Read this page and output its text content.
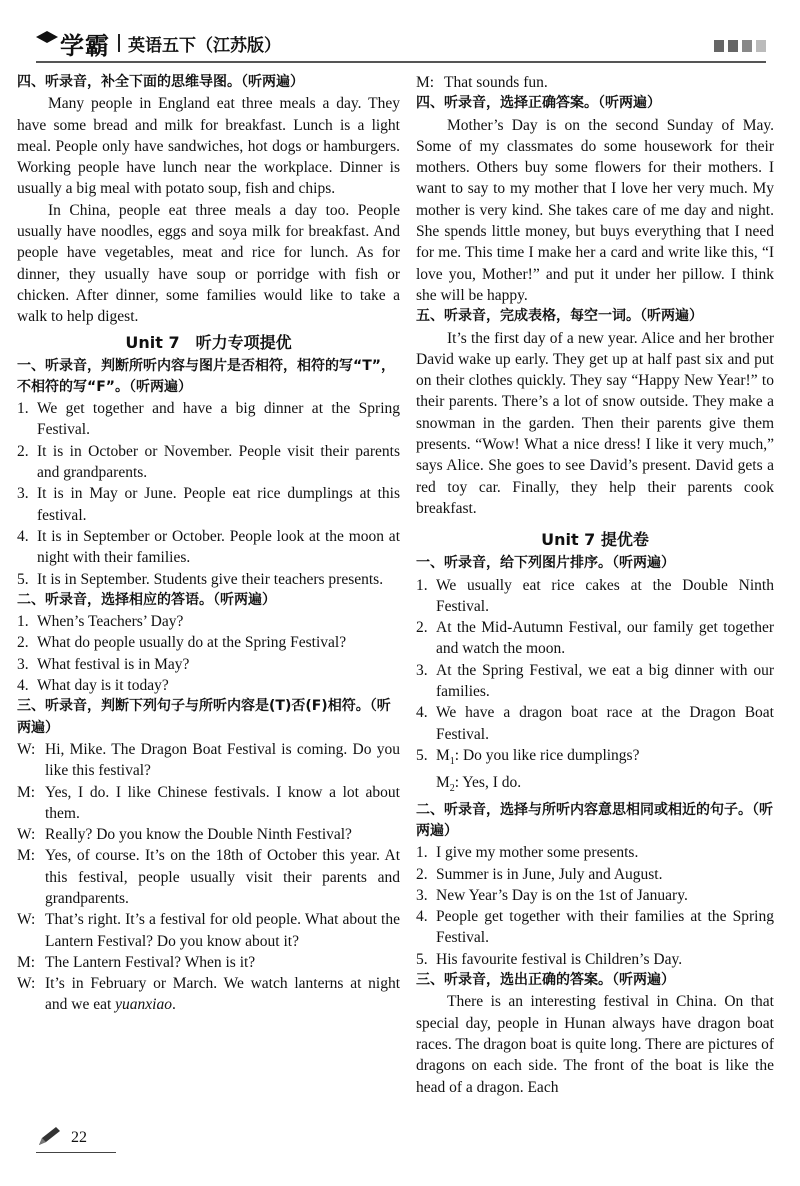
学霸 英语五下（江苏版）
四、听录音，补全下面的思维导图。（听两遍）
Many people in England eat three meals a day. They have some bread and milk for breakfast. Lunch is a light meal. People only have sandwiches, hot dogs or hamburgers. Working people have lunch near the workplace. Dinner is usually a big meal with potato soup, fish and chips.
In China, people eat three meals a day too. People usually have noodles, eggs and soya milk for breakfast. And people have vegetables, meat and rice for lunch. As for dinner, they usually have soup or porridge with fish or chicken. After dinner, some families would like to take a walk to help digest.
Unit 7　听力专项提优
一、听录音，判断所听内容与图片是否相符，相符的写“T”，不相符的写“F”。（听两遍）
1. We get together and have a big dinner at the Spring Festival.
2. It is in October or November. People visit their parents and grandparents.
3. It is in May or June. People eat rice dumplings at this festival.
4. It is in September or October. People look at the moon at night with their families.
5. It is in September. Students give their teachers presents.
二、听录音，选择相应的答语。（听两遍）
1. When’s Teachers’ Day?
2. What do people usually do at the Spring Festival?
3. What festival is in May?
4. What day is it today?
三、听录音，判断下列句子与所听内容是(T)否(F)相符。（听两遍）
W: Hi, Mike. The Dragon Boat Festival is coming. Do you like this festival?
M: Yes, I do. I like Chinese festivals. I know a lot about them.
W: Really? Do you know the Double Ninth Festival?
M: Yes, of course. It’s on the 18th of October this year. At this festival, people usually visit their parents and grandparents.
W: That’s right. It’s a festival for old people. What about the Lantern Festival? Do you know about it?
M: The Lantern Festival? When is it?
W: It’s in February or March. We watch lanterns at night and we eat yuanxiao.
M: That sounds fun.
四、听录音，选择正确答案。（听两遍）
Mother’s Day is on the second Sunday of May. Some of my classmates do some housework for their mothers. Others buy some flowers for their mothers. I want to say to my mother that I love her very much. My mother is very kind. She takes care of me day and night. She spends little money, but buys everything that I need for me. This time I make her a card and write like this, “I love you, Mother!” and put it under her pillow. I think she will be happy.
五、听录音，完成表格，每空一词。（听两遍）
It’s the first day of a new year. Alice and her brother David wake up early. They get up at half past six and put on their clothes quickly. They say “Happy New Year!” to their parents. There’s a lot of snow outside. They make a snowman in the garden. Then their parents give them presents. “Wow! What a nice dress! I like it very much,” says Alice. She goes to see David’s present. David gets a red toy car. Finally, they help their parents cook breakfast.
Unit 7 提优卷
一、听录音，给下列图片排序。（听两遍）
1. We usually eat rice cakes at the Double Ninth Festival.
2. At the Mid-Autumn Festival, our family get together and watch the moon.
3. At the Spring Festival, we eat a big dinner with our families.
4. We have a dragon boat race at the Dragon Boat Festival.
5. $M_1$: Do you like rice dumplings?
$M_2$: Yes, I do.
二、听录音，选择与所听内容意思相同或相近的句子。（听两遍）
1. I give my mother some presents.
2. Summer is in June, July and August.
3. New Year’s Day is on the 1st of January.
4. People get together with their families at the Spring Festival.
5. His favourite festival is Children’s Day.
三、听录音，选出正确的答案。（听两遍）
There is an interesting festival in China. On that special day, people in Hunan always have dragon boat races. The dragon boat is quite long. There are pictures of dragons on each side. The front of the boat is like the head of a dragon. Each
22
